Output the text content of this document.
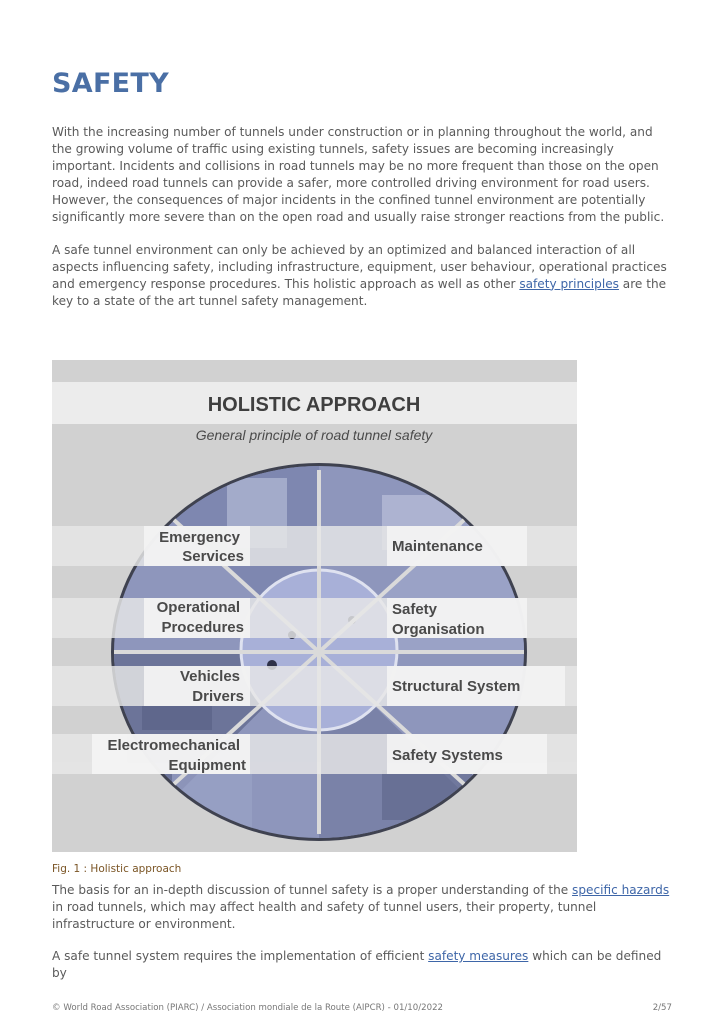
SAFETY

With the increasing number of tunnels under construction or in planning throughout the world, and the growing volume of traffic using existing tunnels, safety issues are becoming increasingly important. Incidents and collisions in road tunnels may be no more frequent than those on the open road, indeed road tunnels can provide a safer, more controlled driving environment for road users. However, the consequences of major incidents in the confined tunnel environment are potentially significantly more severe than on the open road and usually raise stronger reactions from the public.

A safe tunnel environment can only be achieved by an optimized and balanced interaction of all aspects influencing safety, including infrastructure, equipment, user behaviour, operational practices and emergency response procedures. This holistic approach as well as other safety principles are the key to a state of the art tunnel safety management.

HOLISTIC APPROACH
General principle of road tunnel safety
Emergency
Services
Operational
Procedures
Vehicles
Drivers
Electromechanical
Equipment
Maintenance
Safety
Organisation
Structural System
Safety Systems

Fig. 1 : Holistic approach

The basis for an in-depth discussion of tunnel safety is a proper understanding of the specific hazards in road tunnels, which may affect health and safety of tunnel users, their property, tunnel infrastructure or environment.

A safe tunnel system requires the implementation of efficient safety measures which can be defined by

© World Road Association (PIARC) / Association mondiale de la Route (AIPCR) - 01/10/2022	2/57
